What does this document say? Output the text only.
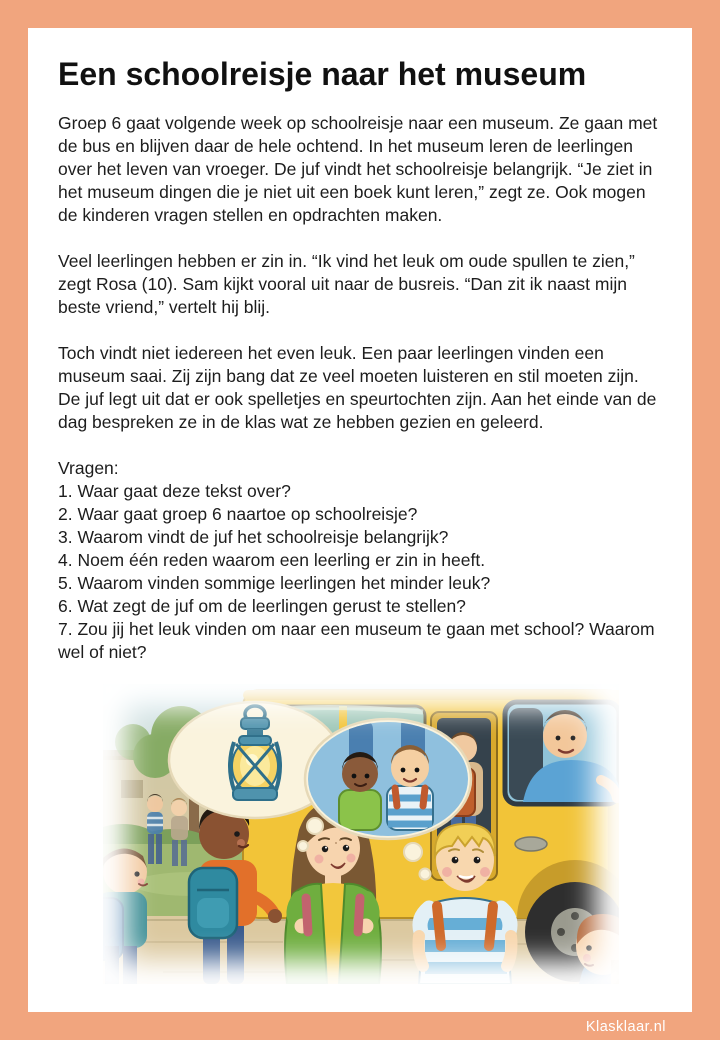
Een schoolreisje naar het museum

Groep 6 gaat volgende week op schoolreisje naar een museum. Ze gaan met de bus en blijven daar de hele ochtend. In het museum leren de leerlingen over het leven van vroeger. De juf vindt het schoolreisje belangrijk. “Je ziet in het museum dingen die je niet uit een boek kunt leren,” zegt ze. Ook mogen de kinderen vragen stellen en opdrachten maken.

Veel leerlingen hebben er zin in. “Ik vind het leuk om oude spullen te zien,” zegt Rosa (10). Sam kijkt vooral uit naar de busreis. “Dan zit ik naast mijn beste vriend,” vertelt hij blij.

Toch vindt niet iedereen het even leuk. Een paar leerlingen vinden een museum saai. Zij zijn bang dat ze veel moeten luisteren en stil moeten zijn. De juf legt uit dat er ook spelletjes en speurtochten zijn. Aan het einde van de dag bespreken ze in de klas wat ze hebben gezien en geleerd.

Vragen:

1. Waar gaat deze tekst over?

2. Waar gaat groep 6 naartoe op schoolreisje?

3. Waarom vindt de juf het schoolreisje belangrijk?

4. Noem één reden waarom een leerling er zin in heeft.

5. Waarom vinden sommige leerlingen het minder leuk?

6. Wat zegt de juf om de leerlingen gerust te stellen?

7. Zou jij het leuk vinden om naar een museum te gaan met school? Waarom wel of niet?

Klasklaar.nl
